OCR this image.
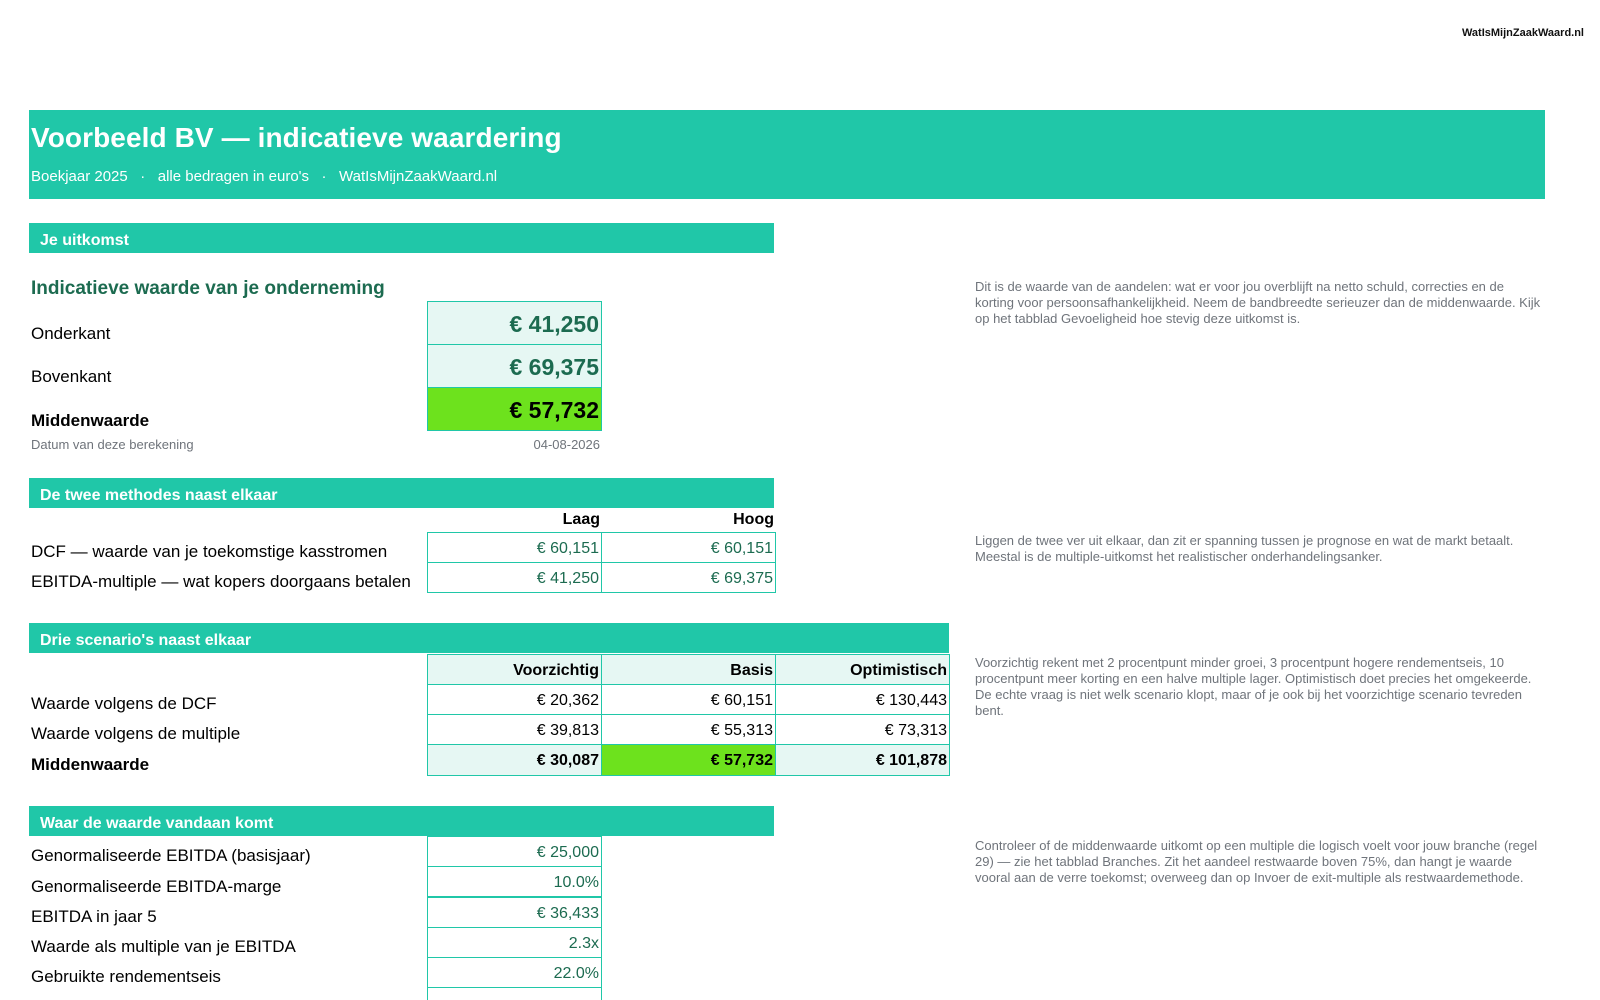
WatIsMijnZaakWaard.nl
Voorbeeld BV — indicatieve waardering
Boekjaar 2025   ·   alle bedragen in euro's   ·   WatIsMijnZaakWaard.nl
Je uitkomst
Indicatieve waarde van je onderneming
Onderkant	€ 41,250
Bovenkant	€ 69,375
Middenwaarde	€ 57,732
Datum van deze berekening	04-08-2026
Dit is de waarde van de aandelen: wat er voor jou overblijft na netto schuld, correcties en de korting voor persoonsafhankelijkheid. Neem de bandbreedte serieuzer dan de middenwaarde. Kijk op het tabblad Gevoeligheid hoe stevig deze uitkomst is.
De twee methodes naast elkaar
Laag	Hoog
DCF — waarde van je toekomstige kasstromen	€ 60,151	€ 60,151
EBITDA-multiple — wat kopers doorgaans betalen	€ 41,250	€ 69,375
Liggen de twee ver uit elkaar, dan zit er spanning tussen je prognose en wat de markt betaalt. Meestal is de multiple-uitkomst het realistischer onderhandelingsanker.
Drie scenario's naast elkaar
Voorzichtig	Basis	Optimistisch
Waarde volgens de DCF	€ 20,362	€ 60,151	€ 130,443
Waarde volgens de multiple	€ 39,813	€ 55,313	€ 73,313
Middenwaarde	€ 30,087	€ 57,732	€ 101,878
Voorzichtig rekent met 2 procentpunt minder groei, 3 procentpunt hogere rendementseis, 10 procentpunt meer korting en een halve multiple lager. Optimistisch doet precies het omgekeerde. De echte vraag is niet welk scenario klopt, maar of je ook bij het voorzichtige scenario tevreden bent.
Waar de waarde vandaan komt
Genormaliseerde EBITDA (basisjaar)	€ 25,000
Genormaliseerde EBITDA-marge	10.0%
EBITDA in jaar 5	€ 36,433
Waarde als multiple van je EBITDA	2.3x
Gebruikte rendementseis	22.0%
Controleer of de middenwaarde uitkomt op een multiple die logisch voelt voor jouw branche (regel 29) — zie het tabblad Branches. Zit het aandeel restwaarde boven 75%, dan hangt je waarde vooral aan de verre toekomst; overweeg dan op Invoer de exit-multiple als restwaardemethode.
